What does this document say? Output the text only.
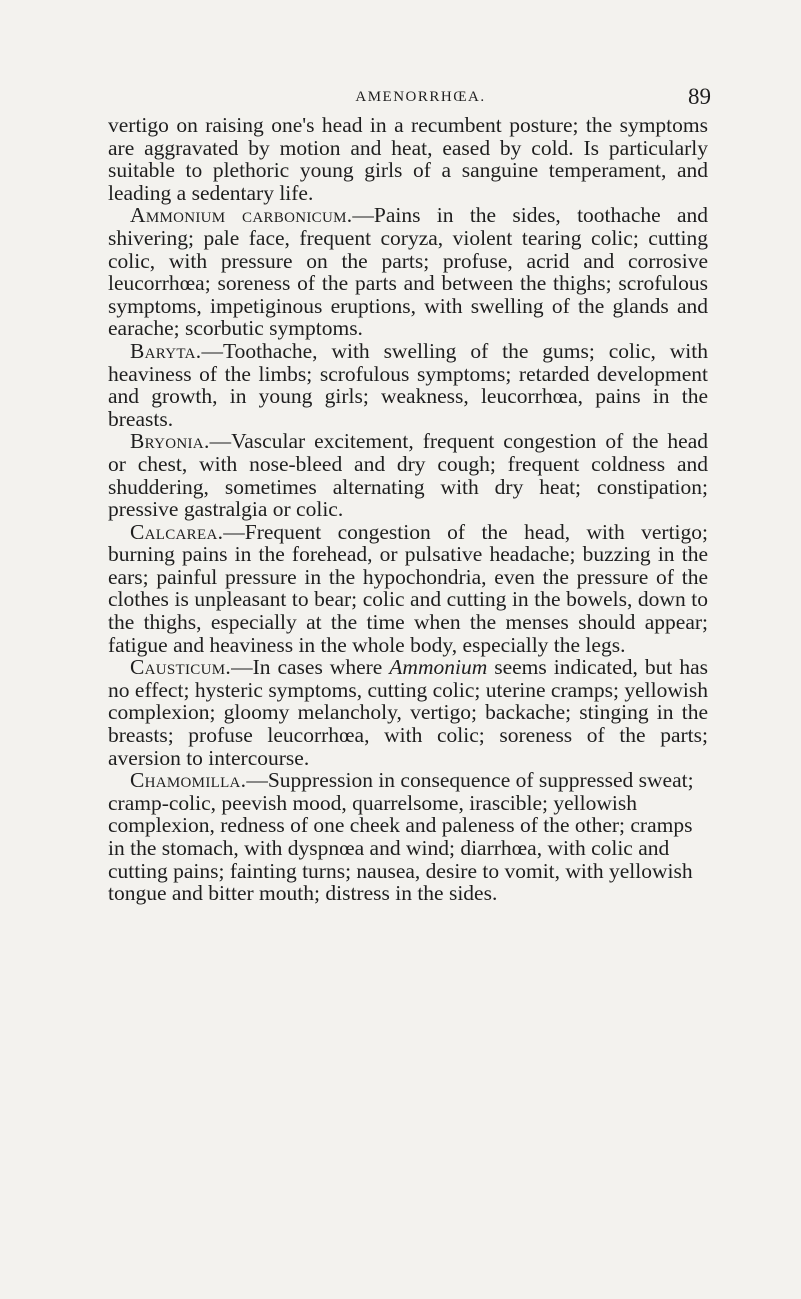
AMENORRHŒA.	89

vertigo on raising one's head in a recumbent posture; the symptoms are aggravated by motion and heat, eased by cold. Is particularly suitable to plethoric young girls of a sanguine temperament, and leading a sedentary life.

Ammonium carbonicum.—Pains in the sides, toothache and shivering; pale face, frequent coryza, violent tearing colic; cutting colic, with pressure on the parts; profuse, acrid and corrosive leucorrhœa; soreness of the parts and between the thighs; scrofulous symptoms, impetiginous eruptions, with swelling of the glands and earache; scorbutic symptoms.

Baryta.—Toothache, with swelling of the gums; colic, with heaviness of the limbs; scrofulous symptoms; retarded development and growth, in young girls; weakness, leucorrhœa, pains in the breasts.

Bryonia.—Vascular excitement, frequent congestion of the head or chest, with nose-bleed and dry cough; frequent coldness and shuddering, sometimes alternating with dry heat; constipation; pressive gastralgia or colic.

Calcarea.—Frequent congestion of the head, with vertigo; burning pains in the forehead, or pulsative headache; buzzing in the ears; painful pressure in the hypochondria, even the pressure of the clothes is unpleasant to bear; colic and cutting in the bowels, down to the thighs, especially at the time when the menses should appear; fatigue and heaviness in the whole body, especially the legs.

Causticum.—In cases where Ammonium seems indicated, but has no effect; hysteric symptoms, cutting colic; uterine cramps; yellowish complexion; gloomy melancholy, vertigo; backache; stinging in the breasts; profuse leucorrhœa, with colic; soreness of the parts; aversion to intercourse.

Chamomilla.—Suppression in consequence of suppressed sweat; cramp-colic, peevish mood, quarrelsome, irascible; yellowish complexion, redness of one cheek and paleness of the other; cramps in the stomach, with dyspnœa and wind; diarrhœa, with colic and cutting pains; fainting turns; nausea, desire to vomit, with yellowish tongue and bitter mouth; distress in the sides.
